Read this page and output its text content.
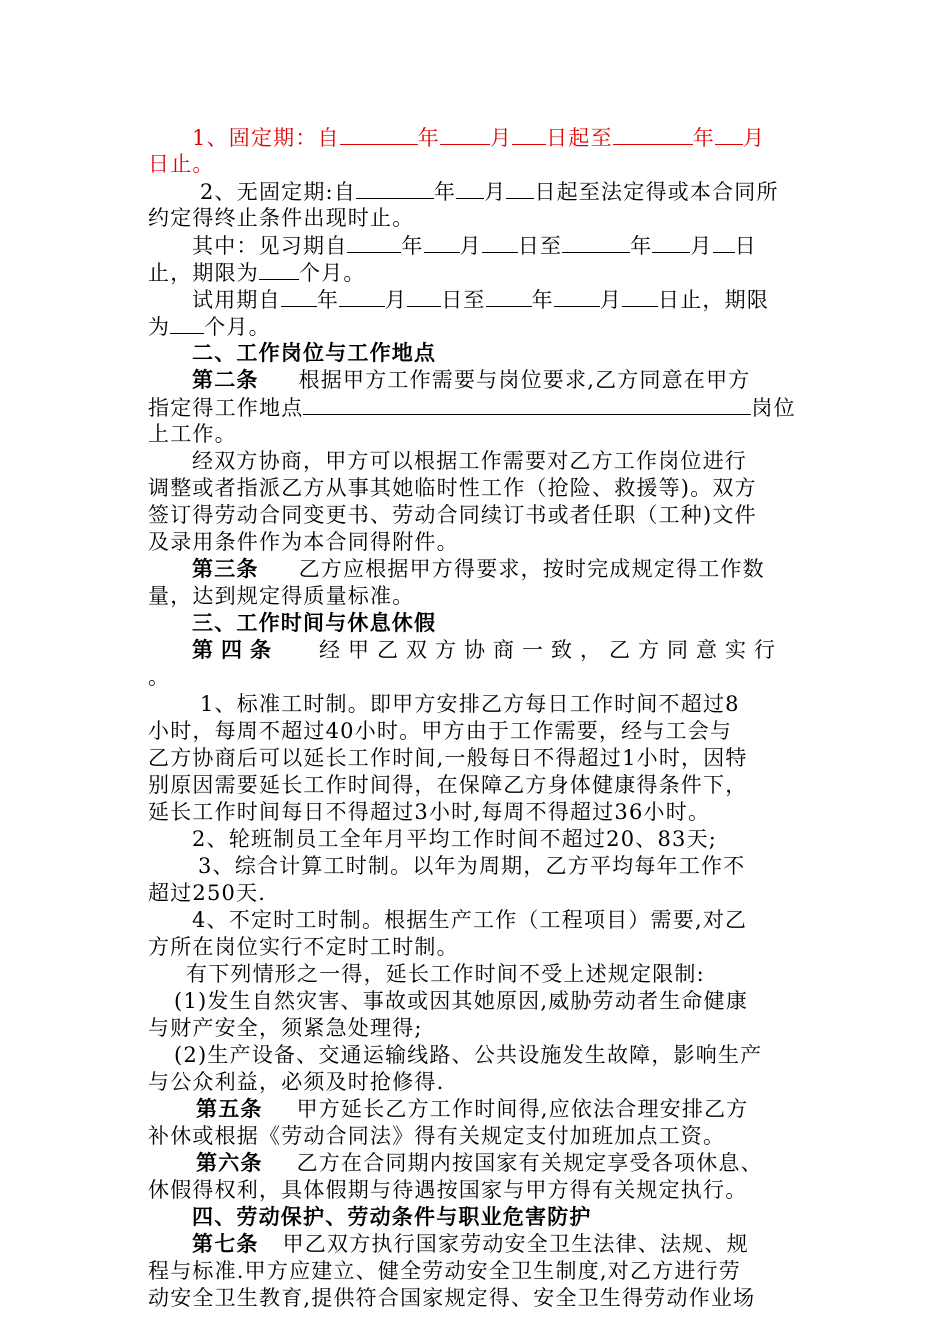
1、固定期：自	年 月 日起至	年 月
日止。
2、无固定期:自	年 月 日起至法定得或本合同所
约定得终止条件出现时止。
其中：见习期自	年 月 日至	年 月 日
止，期限为 个月。
试用期自 年 月 日至 年 月 日止，期限
为 个月。
二、工作岗位与工作地点
第二条 根据甲方工作需要与岗位要求,乙方同意在甲方
指定得工作地点	岗位
上工作。
经双方协商，甲方可以根据工作需要对乙方工作岗位进行
调整或者指派乙方从事其她临时性工作（抢险、救援等)。双方
签订得劳动合同变更书、劳动合同续订书或者任职（工种)文件
及录用条件作为本合同得附件。
第三条 乙方应根据甲方得要求，按时完成规定得工作数
量，达到规定得质量标准。
三、工作时间与休息休假
第四条 经甲乙双方协商一致，乙方同意实行
。
1、标准工时制。即甲方安排乙方每日工作时间不超过8
小时，每周不超过40小时。甲方由于工作需要，经与工会与
乙方协商后可以延长工作时间,一般每日不得超过1小时，因特
别原因需要延长工作时间得，在保障乙方身体健康得条件下，
延长工作时间每日不得超过3小时,每周不得超过36小时。
2、轮班制员工全年月平均工作时间不超过20、83天;
3、综合计算工时制。以年为周期，乙方平均每年工作不
超过250天.
4、不定时工时制。根据生产工作（工程项目）需要,对乙
方所在岗位实行不定时工时制。
有下列情形之一得，延长工作时间不受上述规定限制:
(1)发生自然灾害、事故或因其她原因,威胁劳动者生命健康
与财产安全，须紧急处理得;
(2)生产设备、交通运输线路、公共设施发生故障，影响生产
与公众利益，必须及时抢修得.
第五条 甲方延长乙方工作时间得,应依法合理安排乙方
补休或根据《劳动合同法》得有关规定支付加班加点工资。
第六条 乙方在合同期内按国家有关规定享受各项休息、
休假得权利，具体假期与待遇按国家与甲方得有关规定执行。
四、劳动保护、劳动条件与职业危害防护
第七条 甲乙双方执行国家劳动安全卫生法律、法规、规
程与标准.甲方应建立、健全劳动安全卫生制度,对乙方进行劳
动安全卫生教育,提供符合国家规定得、安全卫生得劳动作业场
